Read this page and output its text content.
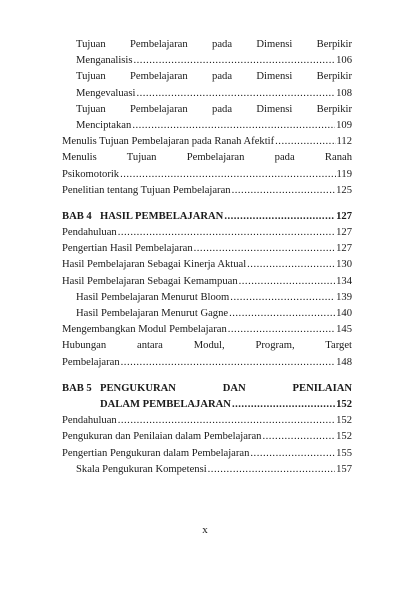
Tujuan Pembelajaran pada Dimensi Berpikir
Menganalisis .....	106
Tujuan Pembelajaran pada Dimensi Berpikir
Mengevaluasi .....	108
Tujuan Pembelajaran pada Dimensi Berpikir
Menciptakan .....	109
Menulis Tujuan Pembelajaran pada Ranah Afektif .....	112
Menulis Tujuan Pembelajaran pada Ranah
Psikomotorik .....	119
Penelitian tentang Tujuan Pembelajaran .....	125
BAB 4 HASIL PEMBELAJARAN .....	127
Pendahuluan .....	127
Pengertian Hasil Pembelajaran .....	127
Hasil Pembelajaran Sebagai Kinerja Aktual .....	130
Hasil Pembelajaran Sebagai Kemampuan .....	134
Hasil Pembelajaran Menurut Bloom .....	139
Hasil Pembelajaran Menurut Gagne .....	140
Mengembangkan Modul Pembelajaran .....	145
Hubungan antara Modul, Program, Target
Pembelajaran .....	148
BAB 5 PENGUKURAN DAN PENILAIAN
DALAM PEMBELAJARAN .....	152
Pendahuluan .....	152
Pengukuran dan Penilaian dalam Pembelajaran .....	152
Pengertian Pengukuran dalam Pembelajaran .....	155
Skala Pengukuran Kompetensi .....	157
x
